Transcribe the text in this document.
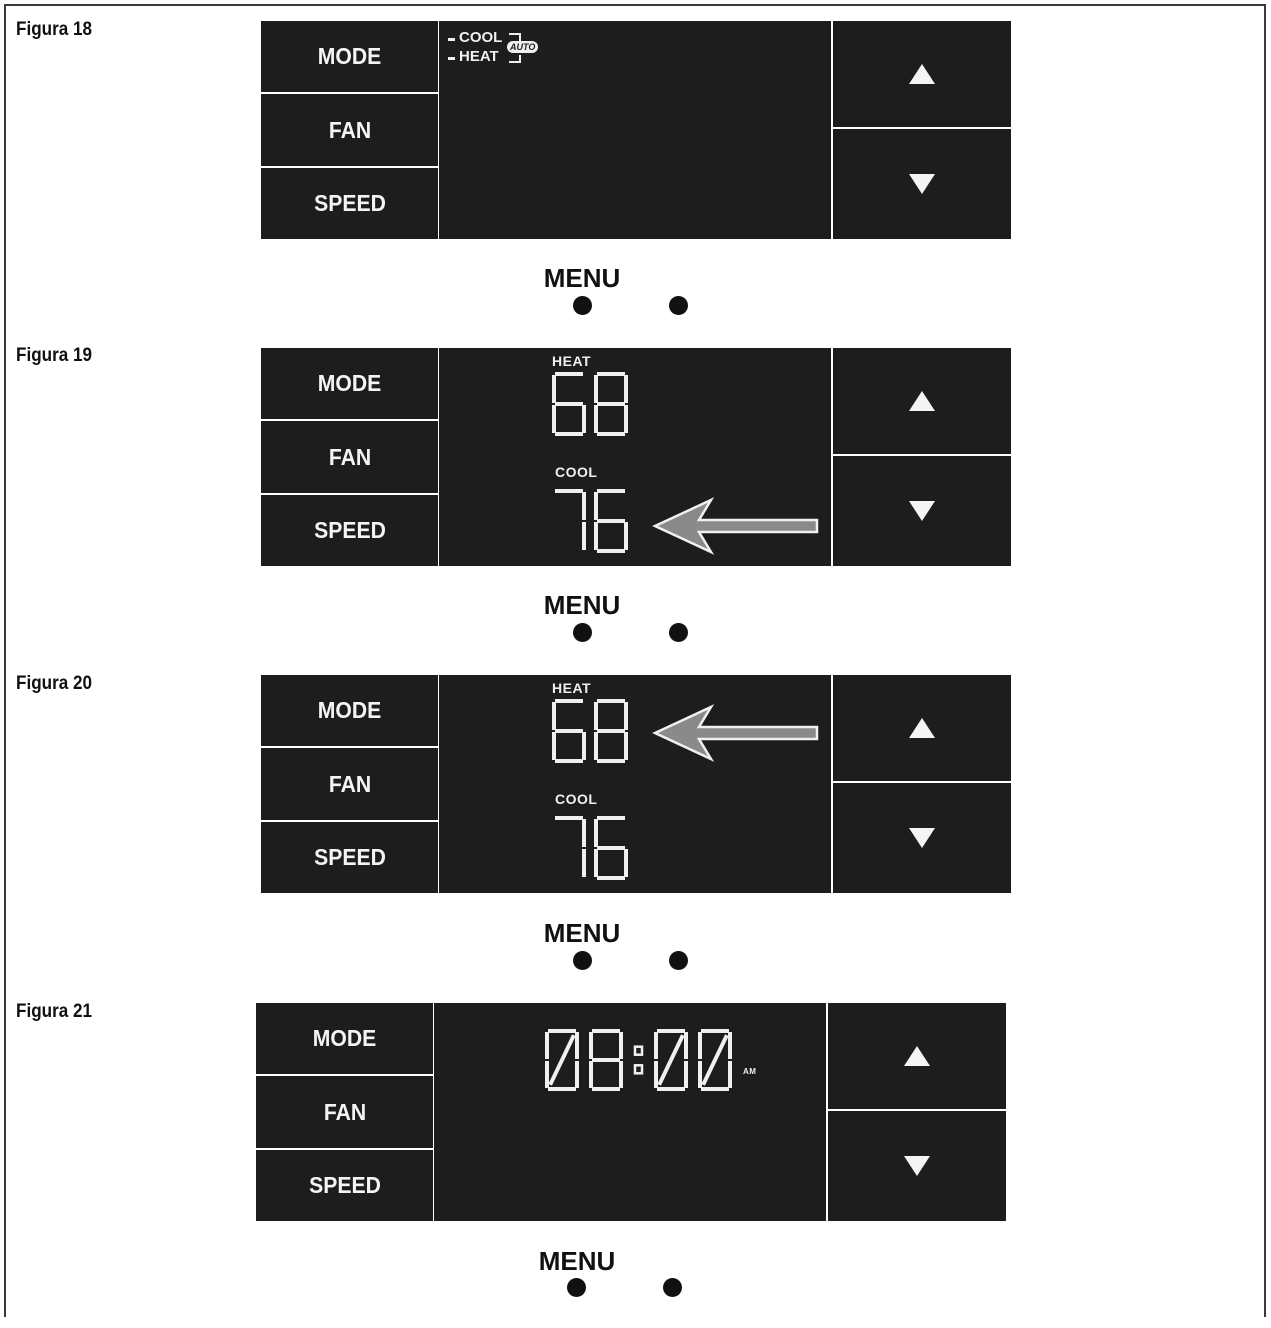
Figura 18
MODE
FAN
SPEED
COOL
HEAT
AUTO
MENU
Figura 19
MODE
FAN
SPEED
HEAT
COOL
MENU
Figura 20
MODE
FAN
SPEED
HEAT
COOL
MENU
Figura 21
MODE
FAN
SPEED
AM
MENU
